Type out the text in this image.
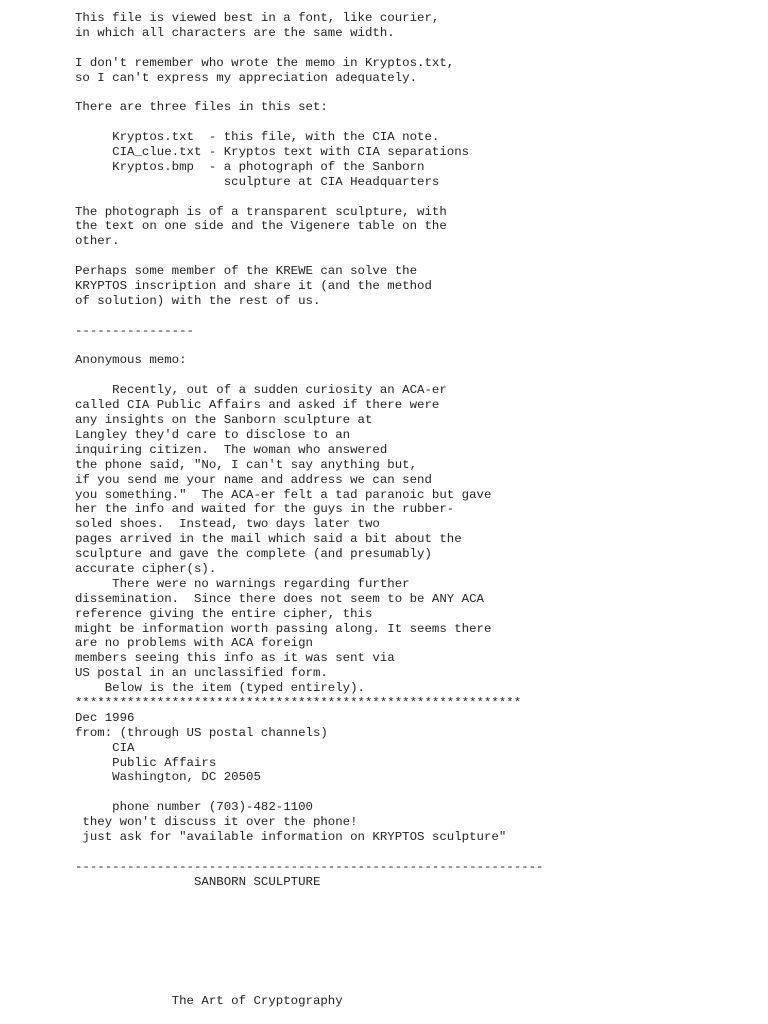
This file is viewed best in a font, like courier,
in which all characters are the same width.
I don't remember who wrote the memo in Kryptos.txt,
so I can't express my appreciation adequately.
There are three files in this set:
Kryptos.txt  - this file, with the CIA note.
CIA_clue.txt - Kryptos text with CIA separations
Kryptos.bmp  - a photograph of the Sanborn
sculpture at CIA Headquarters
The photograph is of a transparent sculpture, with
the text on one side and the Vigenere table on the
other.
Perhaps some member of the KREWE can solve the
KRYPTOS inscription and share it (and the method
of solution) with the rest of us.
----------------
Anonymous memo:
Recently, out of a sudden curiosity an ACA-er
called CIA Public Affairs and asked if there were
any insights on the Sanborn sculpture at
Langley they'd care to disclose to an
inquiring citizen.  The woman who answered
the phone said, "No, I can't say anything but,
if you send me your name and address we can send
you something."  The ACA-er felt a tad paranoic but gave
her the info and waited for the guys in the rubber-
soled shoes.  Instead, two days later two
pages arrived in the mail which said a bit about the
sculpture and gave the complete (and presumably)
accurate cipher(s).
There were no warnings regarding further
dissemination.  Since there does not seem to be ANY ACA
reference giving the entire cipher, this
might be information worth passing along. It seems there
are no problems with ACA foreign
members seeing this info as it was sent via
US postal in an unclassified form.
Below is the item (typed entirely).
************************************************************
Dec 1996
from: (through US postal channels)
CIA
Public Affairs
Washington, DC 20505
phone number (703)-482-1100
they won't discuss it over the phone!
just ask for "available information on KRYPTOS sculpture"
---------------------------------------------------------------
SANBORN SCULPTURE
The Art of Cryptography
